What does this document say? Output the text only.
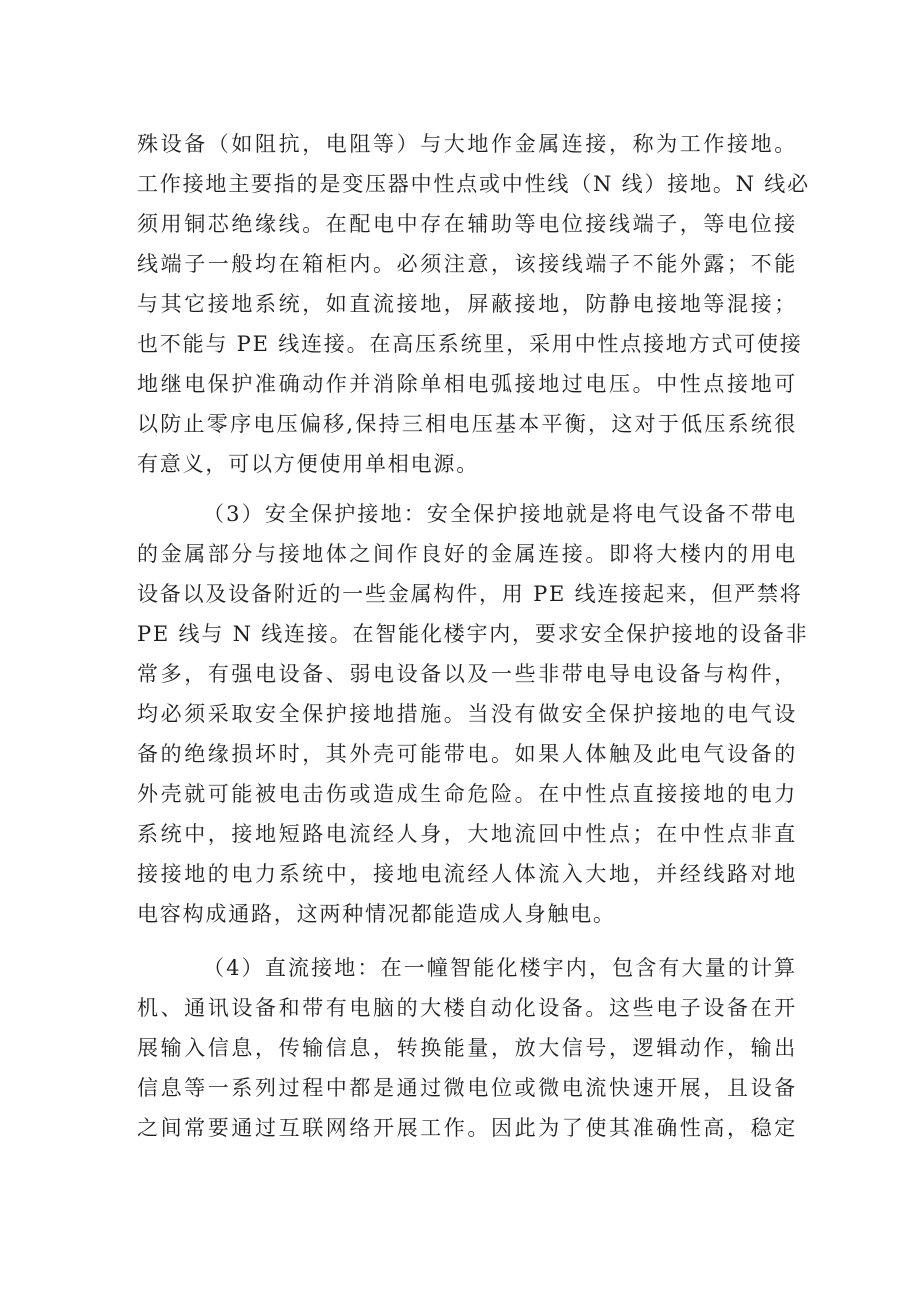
殊设备（如阻抗，电阻等）与大地作金属连接，称为工作接地。
工作接地主要指的是变压器中性点或中性线（N 线）接地。N 线必
须用铜芯绝缘线。在配电中存在辅助等电位接线端子，等电位接
线端子一般均在箱柜内。必须注意，该接线端子不能外露；不能
与其它接地系统，如直流接地，屏蔽接地，防静电接地等混接；
也不能与 PE 线连接。在高压系统里，采用中性点接地方式可使接
地继电保护准确动作并消除单相电弧接地过电压。中性点接地可
以防止零序电压偏移,保持三相电压基本平衡，这对于低压系统很
有意义，可以方便使用单相电源。
（3）安全保护接地：安全保护接地就是将电气设备不带电
的金属部分与接地体之间作良好的金属连接。即将大楼内的用电
设备以及设备附近的一些金属构件，用 PE 线连接起来，但严禁将
PE 线与 N 线连接。在智能化楼宇内，要求安全保护接地的设备非
常多，有强电设备、弱电设备以及一些非带电导电设备与构件，
均必须采取安全保护接地措施。当没有做安全保护接地的电气设
备的绝缘损坏时，其外壳可能带电。如果人体触及此电气设备的
外壳就可能被电击伤或造成生命危险。在中性点直接接地的电力
系统中，接地短路电流经人身，大地流回中性点；在中性点非直
接接地的电力系统中，接地电流经人体流入大地，并经线路对地
电容构成通路，这两种情况都能造成人身触电。
（4）直流接地：在一幢智能化楼宇内，包含有大量的计算
机、通讯设备和带有电脑的大楼自动化设备。这些电子设备在开
展输入信息，传输信息，转换能量，放大信号，逻辑动作，输出
信息等一系列过程中都是通过微电位或微电流快速开展，且设备
之间常要通过互联网络开展工作。因此为了使其准确性高，稳定
